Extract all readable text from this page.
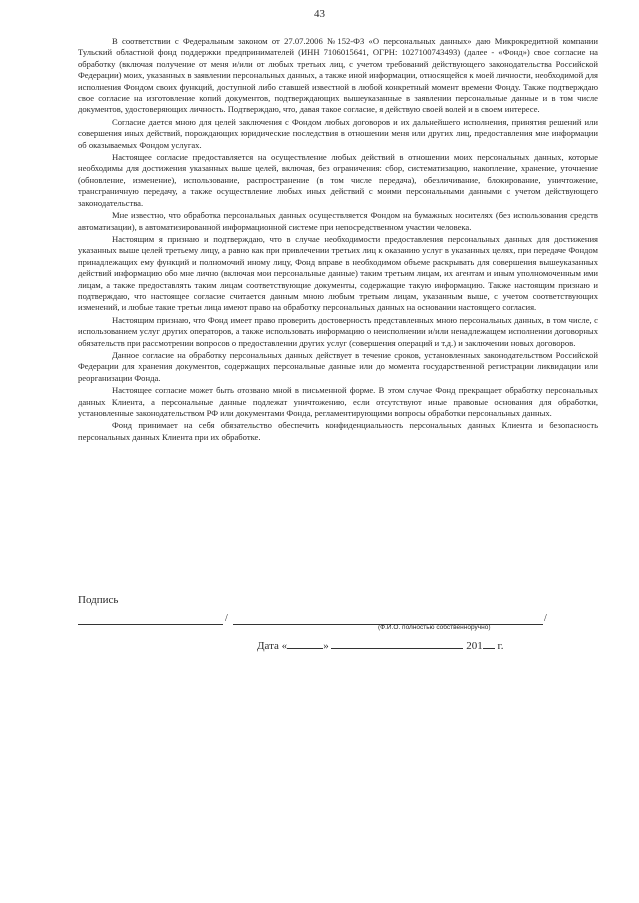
43

В соответствии с Федеральным законом от 27.07.2006 №152-ФЗ «О персональных данных» даю Микрокредитной компании Тульский областной фонд поддержки предпринимателей (ИНН 7106015641, ОГРН: 1027100743493) (далее - «Фонд») свое согласие на обработку (включая получение от меня и/или от любых третьих лиц, с учетом требований действующего законодательства Российской Федерации) моих, указанных в заявлении персональных данных, а также иной информации, относящейся к моей личности, необходимой для исполнения Фондом своих функций, доступной либо ставшей известной в любой конкретный момент времени Фонду. Также подтверждаю свое согласие на изготовление копий документов, подтверждающих вышеуказанные в заявлении персональные данные и в том числе документов, удостоверяющих личность. Подтверждаю, что, давая такое согласие, я действую своей волей и в своем интересе.

Согласие дается мною для целей заключения с Фондом любых договоров и их дальнейшего исполнения, принятия решений или совершения иных действий, порождающих юридические последствия в отношении меня или других лиц, предоставления мне информации об оказываемых Фондом услугах.

Настоящее согласие предоставляется на осуществление любых действий в отношении моих персональных данных, которые необходимы для достижения указанных выше целей, включая, без ограничения: сбор, систематизацию, накопление, хранение, уточнение (обновление, изменение), использование, распространение (в том числе передача), обезличивание, блокирование, уничтожение, трансграничную передачу, а также осуществление любых иных действий с моими персональными данными с учетом действующего законодательства.

Мне известно, что обработка персональных данных осуществляется Фондом на бумажных носителях (без использования средств автоматизации), в автоматизированной информационной системе при непосредственном участии человека.

Настоящим я признаю и подтверждаю, что в случае необходимости предоставления персональных данных для достижения указанных выше целей третьему лицу, а равно как при привлечении третьих лиц к оказанию услуг в указанных целях, при передаче Фондом принадлежащих ему функций и полномочий иному лицу, Фонд вправе в необходимом объеме раскрывать для совершения вышеуказанных действий информацию обо мне лично (включая мои персональные данные) таким третьим лицам, их агентам и иным уполномоченным ими лицам, а также предоставлять таким лицам соответствующие документы, содержащие такую информацию. Также настоящим признаю и подтверждаю, что настоящее согласие считается данным мною любым третьим лицам, указанным выше, с учетом соответствующих изменений, и любые такие третьи лица имеют право на обработку персональных данных на основании настоящего согласия.

Настоящим признаю, что Фонд имеет право проверить достоверность представленных мною персональных данных, в том числе, с использованием услуг других операторов, а также использовать информацию о неисполнении и/или ненадлежащем исполнении договорных обязательств при рассмотрении вопросов о предоставлении других услуг (совершения операций и т.д.) и заключении новых договоров.

Данное согласие на обработку персональных данных действует в течение сроков, установленных законодательством Российской Федерации для хранения документов, содержащих персональные данные или до момента государственной регистрации ликвидации или реорганизации Фонда.

Настоящее согласие может быть отозвано мной в письменной форме. В этом случае Фонд прекращает обработку персональных данных Клиента, а персональные данные подлежат уничтожению, если отсутствуют иные правовые основания для обработки, установленные законодательством РФ или документами Фонда, регламентирующими вопросы обработки персональных данных.

Фонд принимает на себя обязательство обеспечить конфиденциальность персональных данных Клиента и безопасность персональных данных Клиента при их обработке.

Подпись
/	/
(Ф.И.О. полностью собственноручно)
Дата «	»	201 г.
